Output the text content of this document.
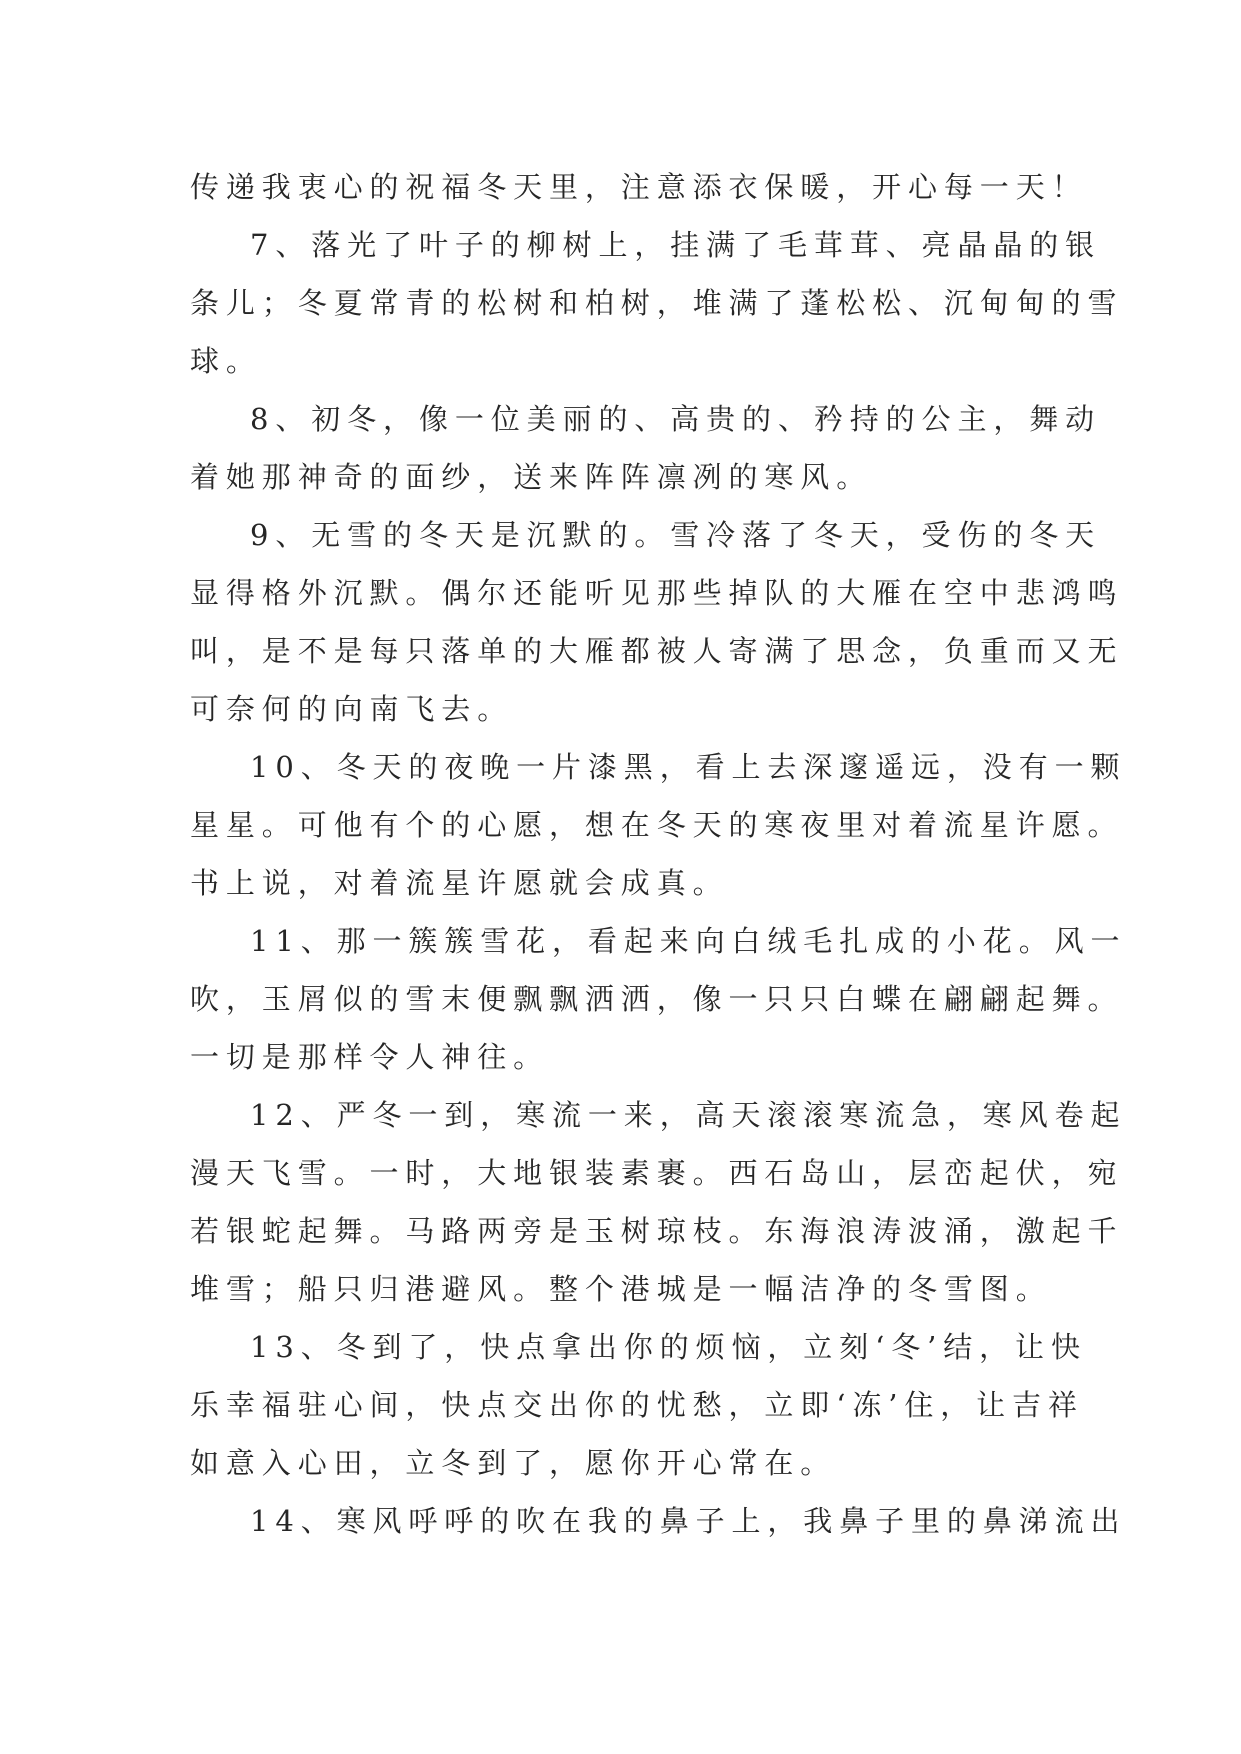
传递我衷心的祝福冬天里，注意添衣保暖，开心每一天！
7、落光了叶子的柳树上，挂满了毛茸茸、亮晶晶的银
条儿；冬夏常青的松树和柏树，堆满了蓬松松、沉甸甸的雪
球。
8、初冬，像一位美丽的、高贵的、矜持的公主，舞动
着她那神奇的面纱，送来阵阵凛冽的寒风。
9、无雪的冬天是沉默的。雪冷落了冬天，受伤的冬天
显得格外沉默。偶尔还能听见那些掉队的大雁在空中悲鸿鸣
叫，是不是每只落单的大雁都被人寄满了思念，负重而又无
可奈何的向南飞去。
10、冬天的夜晚一片漆黑，看上去深邃遥远，没有一颗
星星。可他有个的心愿，想在冬天的寒夜里对着流星许愿。
书上说，对着流星许愿就会成真。
11、那一簇簇雪花，看起来向白绒毛扎成的小花。风一
吹，玉屑似的雪末便飘飘洒洒，像一只只白蝶在翩翩起舞。
一切是那样令人神往。
12、严冬一到，寒流一来，高天滚滚寒流急，寒风卷起
漫天飞雪。一时，大地银装素裹。西石岛山，层峦起伏，宛
若银蛇起舞。马路两旁是玉树琼枝。东海浪涛波涌，激起千
堆雪；船只归港避风。整个港城是一幅洁净的冬雪图。
13、冬到了，快点拿出你的烦恼，立刻‘冬’结，让快
乐幸福驻心间，快点交出你的忧愁，立即‘冻’住，让吉祥
如意入心田，立冬到了，愿你开心常在。
14、寒风呼呼的吹在我的鼻子上，我鼻子里的鼻涕流出
